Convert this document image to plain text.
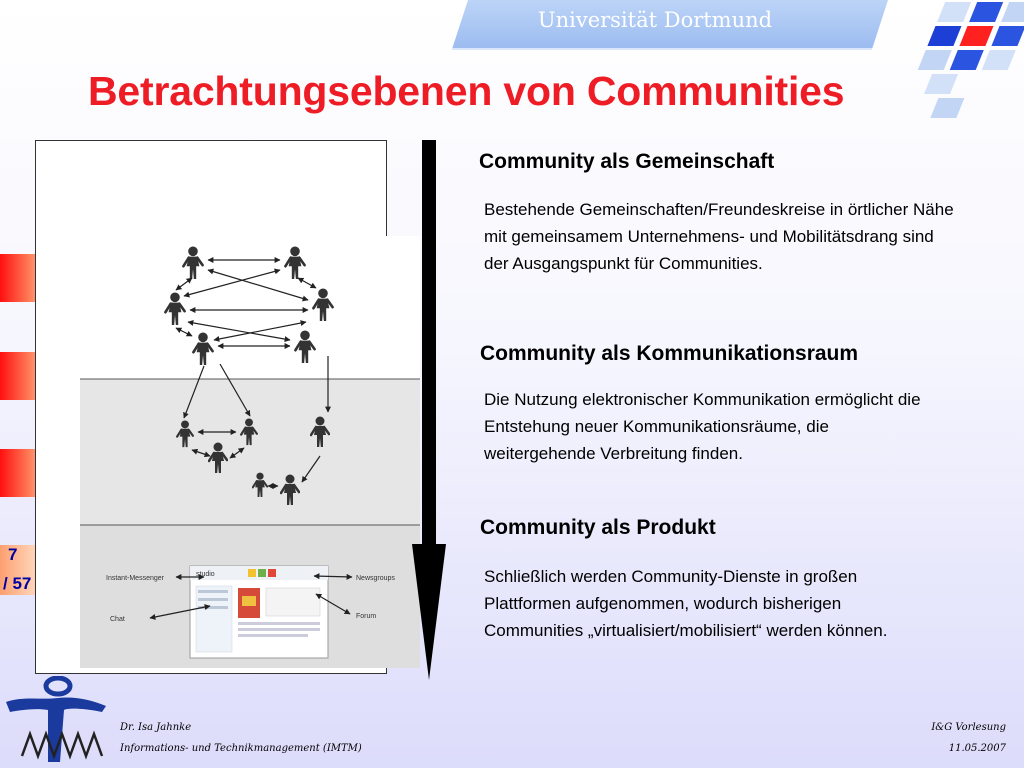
Universität Dortmund
Betrachtungsebenen von Communities
7
/ 57	studio
Instant-Messenger	Newsgroups
Chat	Forum
Community als Gemeinschaft

Bestehende Gemeinschaften/Freundeskreise in örtlicher Nähe mit gemeinsamem Unternehmens- und Mobilitätsdrang sind der Ausgangspunkt für Communities.

Community als Kommunikationsraum

Die Nutzung elektronischer Kommunikation ermöglicht die Entstehung neuer Kommunikationsräume, die weitergehende Verbreitung finden.

Community als Produkt

Schließlich werden Community-Dienste in großen Plattformen aufgenommen, wodurch bisherigen Communities „virtualisiert/mobilisiert“ werden können.

Dr. Isa Jahnke
Informations- und Technikmanagement (IMTM)
I&G Vorlesung
11.05.2007
